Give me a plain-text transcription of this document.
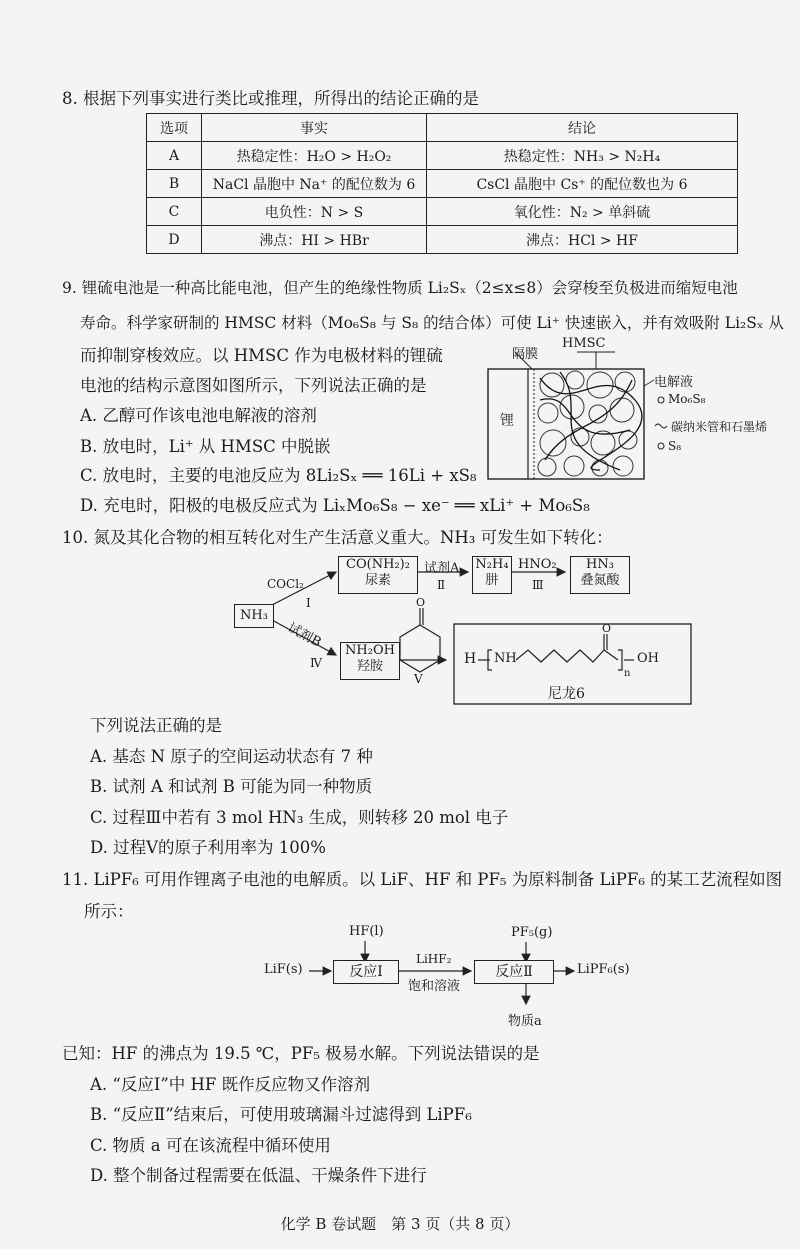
8. 根据下列事实进行类比或推理，所得出的结论正确的是
选项	事实	结论
A	热稳定性：H₂O > H₂O₂	热稳定性：NH₃ > N₂H₄
B	NaCl 晶胞中 Na⁺ 的配位数为 6	CsCl 晶胞中 Cs⁺ 的配位数也为 6
C	电负性：N > S	氧化性：N₂ > 单斜硫
D	沸点：HI > HBr	沸点：HCl > HF
9. 锂硫电池是一种高比能电池，但产生的绝缘性物质 Li₂Sₓ（2≤x≤8）会穿梭至负极进而缩短电池
寿命。科学家研制的 HMSC 材料（Mo₆S₈ 与 S₈ 的结合体）可使 Li⁺ 快速嵌入，并有效吸附 Li₂Sₓ 从
而抑制穿梭效应。以 HMSC 作为电极材料的锂硫
电池的结构示意图如图所示，下列说法正确的是
A. 乙醇可作该电池电解液的溶剂
B. 放电时，Li⁺ 从 HMSC 中脱嵌
C. 放电时，主要的电池反应为 8Li₂Sₓ ══ 16Li + xS₈
D. 充电时，阳极的电极反应式为 LiₓMo₆S₈ − xe⁻ ══ xLi⁺ + Mo₆S₈
隔膜
HMSC
锂
电解液
Mo₆S₈
碳纳米管和石墨烯
S₈
10. 氮及其化合物的相互转化对生产生活意义重大。NH₃ 可发生如下转化：
CO(NH₂)₂
尿素
N₂H₄
肼
HN₃
叠氮酸
NH₃
NH₂OH
羟胺
COCl₂
Ⅰ
试剂A
Ⅱ
HNO₂
Ⅲ
试剂B
Ⅳ
Ⅴ
O
H NH
O
n
OH
尼龙6
下列说法正确的是
A. 基态 N 原子的空间运动状态有 7 种
B. 试剂 A 和试剂 B 可能为同一种物质
C. 过程Ⅲ中若有 3 mol HN₃ 生成，则转移 20 mol 电子
D. 过程Ⅴ的原子利用率为 100%
11. LiPF₆ 可用作锂离子电池的电解质。以 LiF、HF 和 PF₅ 为原料制备 LiPF₆ 的某工艺流程如图
所示：
HF(l)
LiF(s)	反应Ⅰ
LiHF₂
饱和溶液
PF₅(g)
反应Ⅱ	LiPF₆(s)
物质a
已知：HF 的沸点为 19.5 ℃，PF₅ 极易水解。下列说法错误的是
A. “反应Ⅰ”中 HF 既作反应物又作溶剂
B. “反应Ⅱ”结束后，可使用玻璃漏斗过滤得到 LiPF₆
C. 物质 a 可在该流程中循环使用
D. 整个制备过程需要在低温、干燥条件下进行
化学 B 卷试题　第 3 页（共 8 页）
